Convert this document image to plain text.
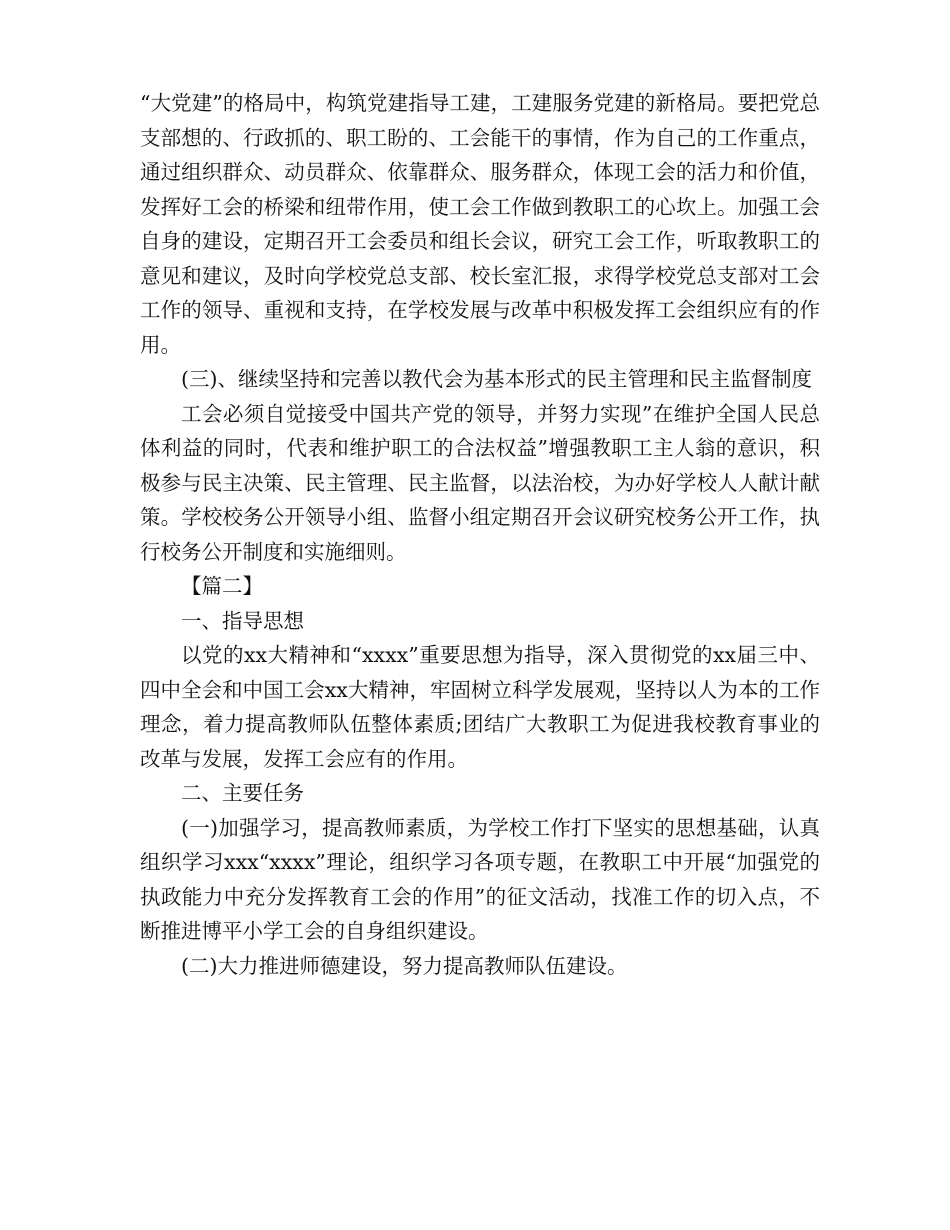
“大党建”的格局中，构筑党建指导工建，工建服务党建的新格局。要把党总支部想的、行政抓的、职工盼的、工会能干的事情，作为自己的工作重点，通过组织群众、动员群众、依靠群众、服务群众，体现工会的活力和价值，发挥好工会的桥梁和纽带作用，使工会工作做到教职工的心坎上。加强工会自身的建设，定期召开工会委员和组长会议，研究工会工作，听取教职工的意见和建议，及时向学校党总支部、校长室汇报，求得学校党总支部对工会工作的领导、重视和支持，在学校发展与改革中积极发挥工会组织应有的作用。

(三)、继续坚持和完善以教代会为基本形式的民主管理和民主监督制度

工会必须自觉接受中国共产党的领导，并努力实现”在维护全国人民总体利益的同时，代表和维护职工的合法权益”增强教职工主人翁的意识，积极参与民主决策、民主管理、民主监督，以法治校，为办好学校人人献计献策。学校校务公开领导小组、监督小组定期召开会议研究校务公开工作，执行校务公开制度和实施细则。

【篇二】

一、指导思想

以党的xx大精神和“xxxx”重要思想为指导，深入贯彻党的xx届三中、四中全会和中国工会xx大精神，牢固树立科学发展观，坚持以人为本的工作理念，着力提高教师队伍整体素质;团结广大教职工为促进我校教育事业的改革与发展，发挥工会应有的作用。

二、主要任务

(一)加强学习，提高教师素质，为学校工作打下坚实的思想基础，认真组织学习xxx“xxxx”理论，组织学习各项专题，在教职工中开展“加强党的执政能力中充分发挥教育工会的作用”的征文活动，找准工作的切入点，不断推进博平小学工会的自身组织建设。

(二)大力推进师德建设，努力提高教师队伍建设。
